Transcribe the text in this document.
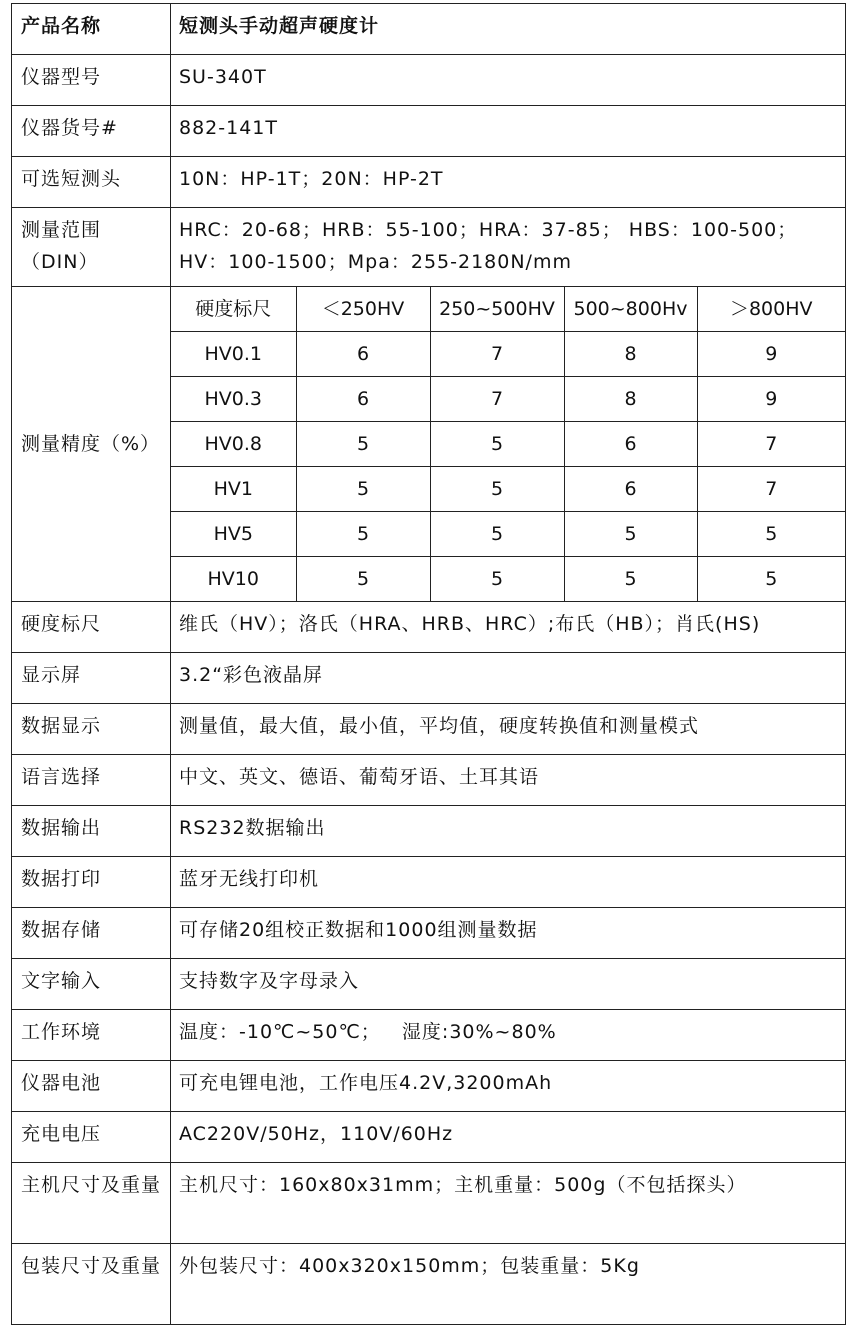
产品名称	短测头手动超声硬度计
仪器型号	SU-340T
仪器货号#	882-141T
可选短测头	10N：HP-1T；20N：HP-2T
测量范围（DIN）	HRC：20-68；HRB：55-100；HRA：37-85； HBS：100-500；HV：100-1500；Mpa：255-2180N/mm
测量精度（%）	
硬度标尺	＜250HV	250~500HV	500~800Hv	＞800HV
HV0.1	6	7	8	9
HV0.3	6	7	8	9
HV0.8	5	5	6	7
HV1	5	5	6	7
HV5	5	5	5	5
HV10	5	5	5	5

硬度标尺	维氏（HV）；洛氏（HRA、HRB、HRC）;布氏（HB）；肖氏(HS)
显示屏	3.2“彩色液晶屏
数据显示	测量值，最大值，最小值，平均值，硬度转换值和测量模式
语言选择	中文、英文、德语、葡萄牙语、土耳其语
数据输出	RS232数据输出
数据打印	蓝牙无线打印机
数据存储	可存储20组校正数据和1000组测量数据
文字输入	支持数字及字母录入
工作环境	温度：-10℃~50℃；   湿度:30%~80%
仪器电池	可充电锂电池，工作电压4.2V,3200mAh
充电电压	AC220V/50Hz，110V/60Hz
主机尺寸及重量	主机尺寸：160x80x31mm；主机重量：500g（不包括探头）
包装尺寸及重量	外包装尺寸：400x320x150mm；包装重量：5Kg
